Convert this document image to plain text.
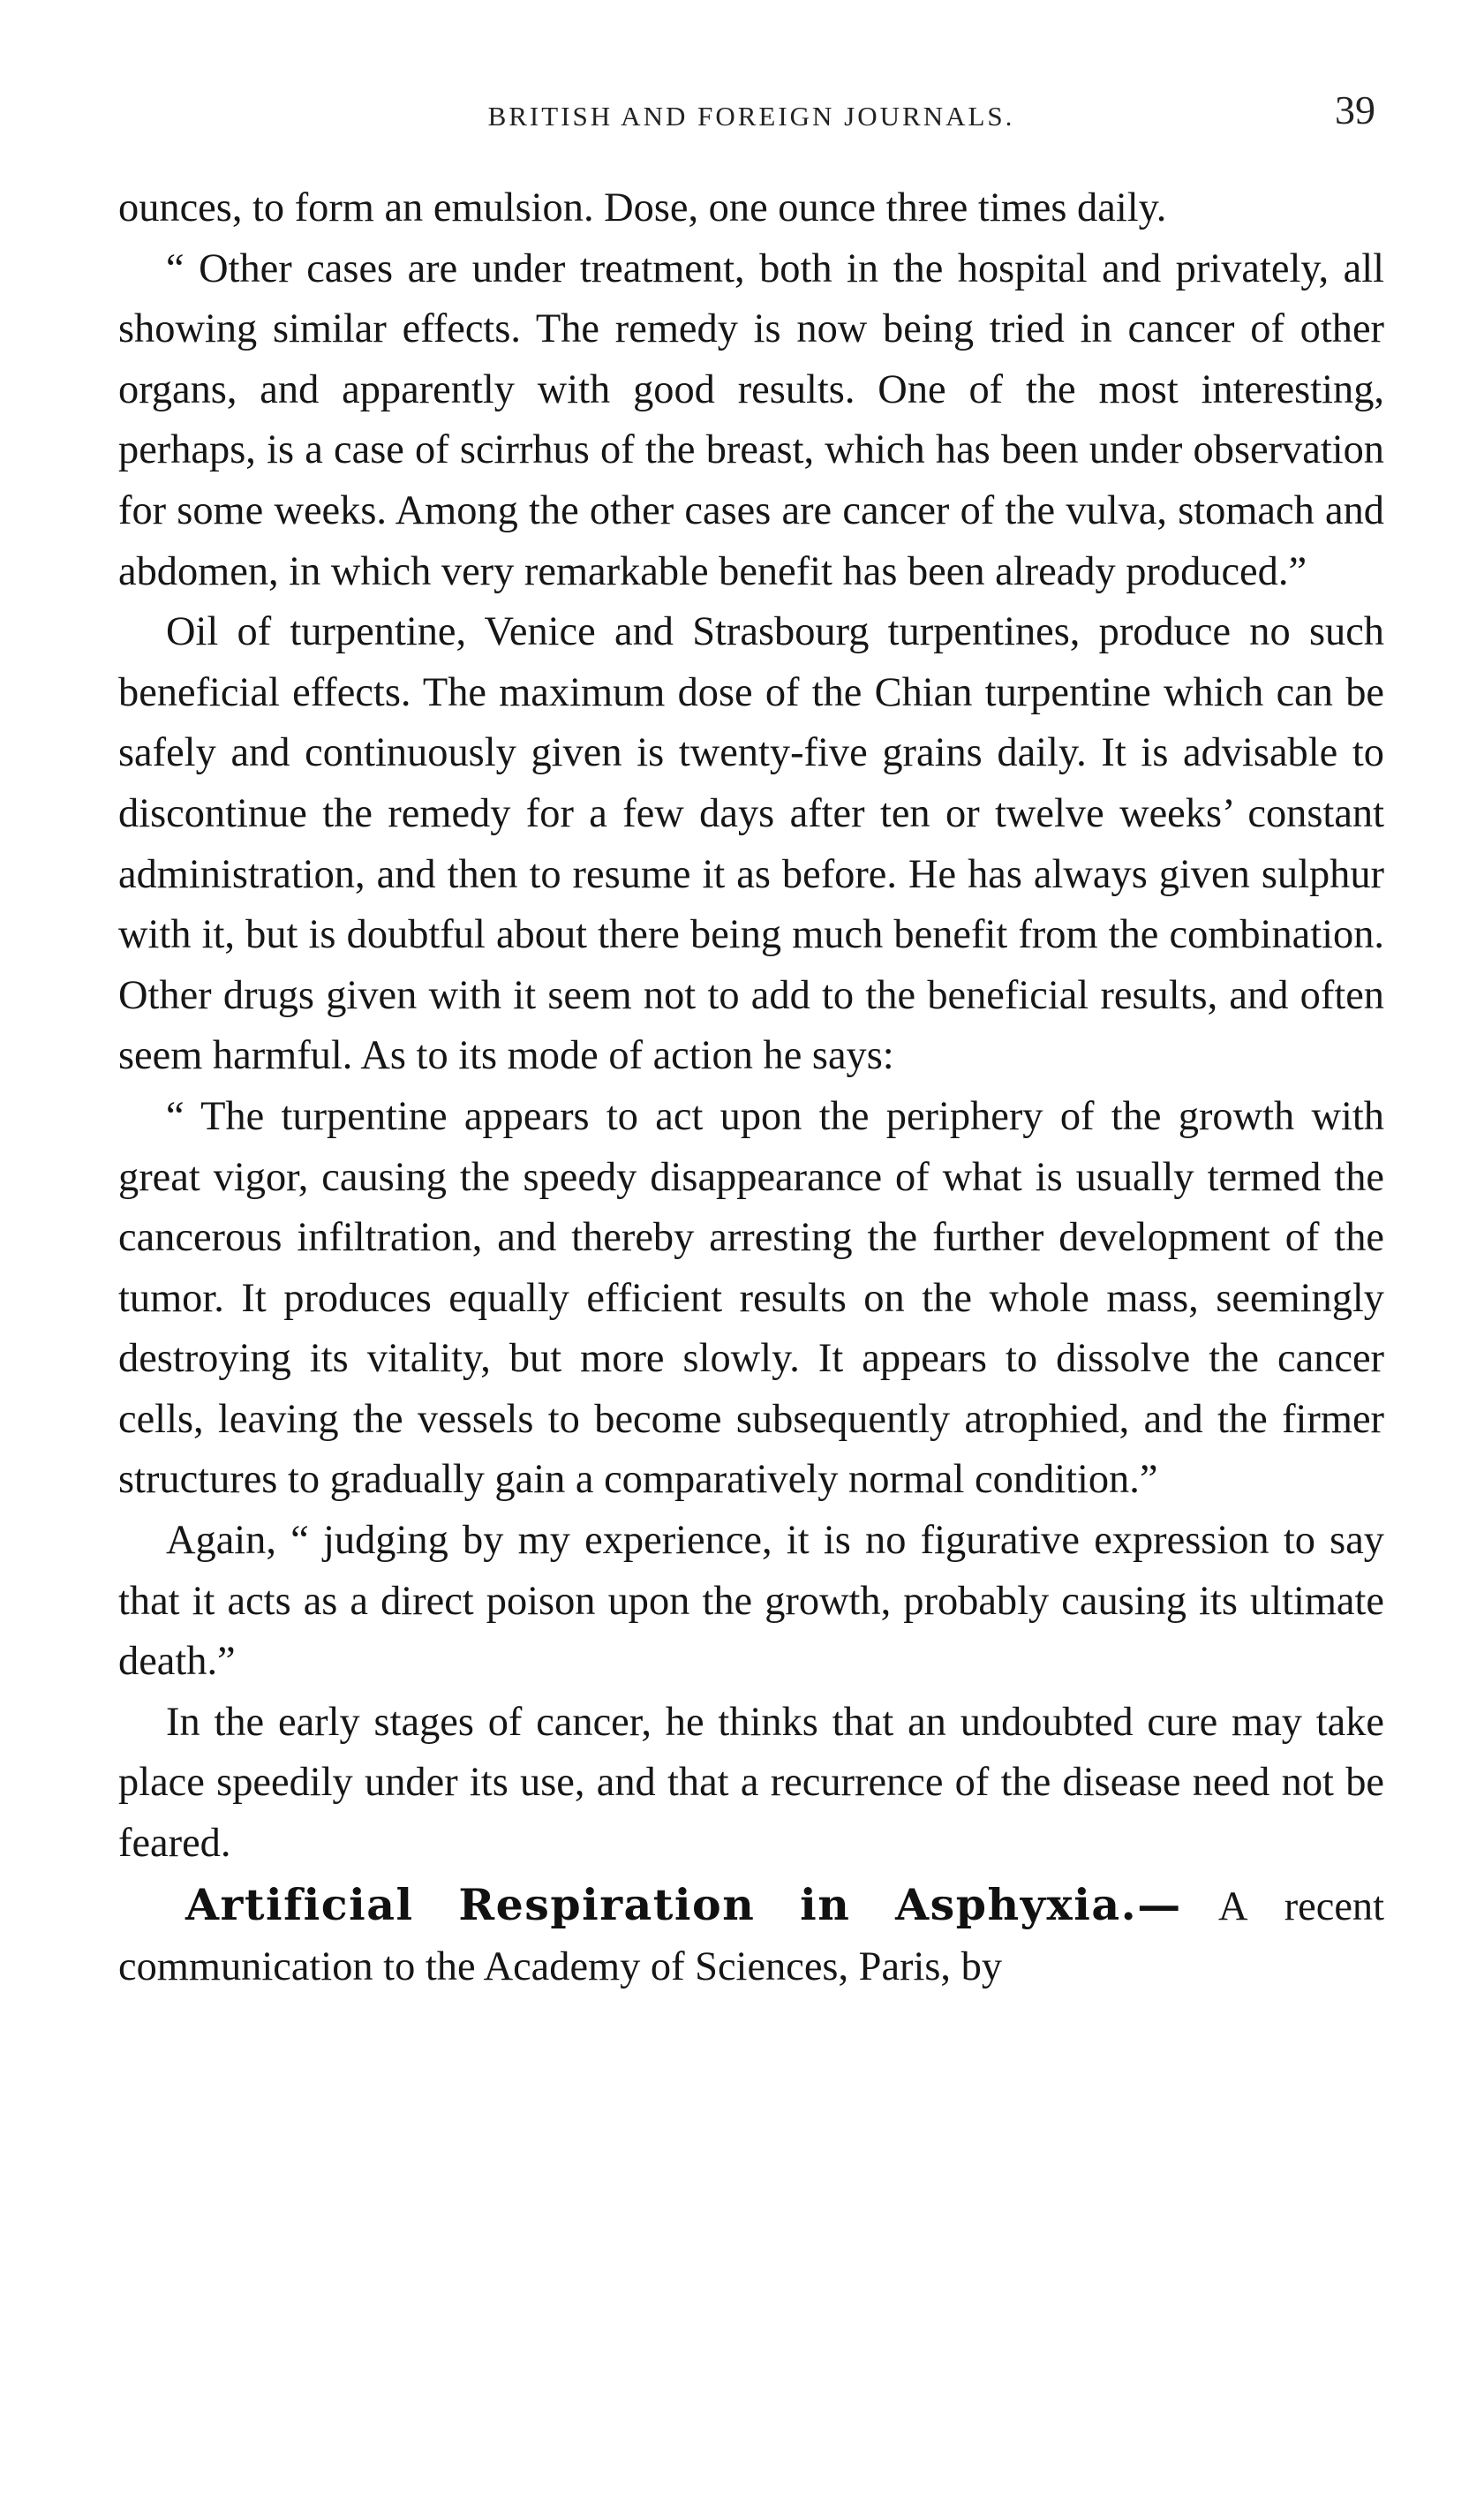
BRITISH AND FOREIGN JOURNALS.	39

ounces, to form an emulsion. Dose, one ounce three times daily.

“ Other cases are under treatment, both in the hospital and privately, all showing similar effects. The remedy is now being tried in cancer of other organs, and apparently with good results. One of the most interesting, perhaps, is a case of scirrhus of the breast, which has been under observation for some weeks. Among the other cases are cancer of the vulva, stomach and abdomen, in which very remarkable benefit has been already produced.”

Oil of turpentine, Venice and Strasbourg turpentines, produce no such beneficial effects. The maximum dose of the Chian turpentine which can be safely and continuously given is twenty-five grains daily. It is advisable to discontinue the remedy for a few days after ten or twelve weeks’ constant administration, and then to resume it as before. He has always given sulphur with it, but is doubtful about there being much benefit from the combination. Other drugs given with it seem not to add to the beneficial results, and often seem harmful. As to its mode of action he says:

“ The turpentine appears to act upon the periphery of the growth with great vigor, causing the speedy disappearance of what is usually termed the cancerous infiltration, and thereby arresting the further development of the tumor. It produces equally efficient results on the whole mass, seemingly destroying its vitality, but more slowly. It appears to dissolve the cancer cells, leaving the vessels to become subsequently atrophied, and the firmer structures to gradually gain a comparatively normal condition.”

Again, “ judging by my experience, it is no figurative expression to say that it acts as a direct poison upon the growth, probably causing its ultimate death.”

In the early stages of cancer, he thinks that an undoubted cure may take place speedily under its use, and that a recurrence of the disease need not be feared.

Artificial Respiration in Asphyxia.— A recent communication to the Academy of Sciences, Paris, by
